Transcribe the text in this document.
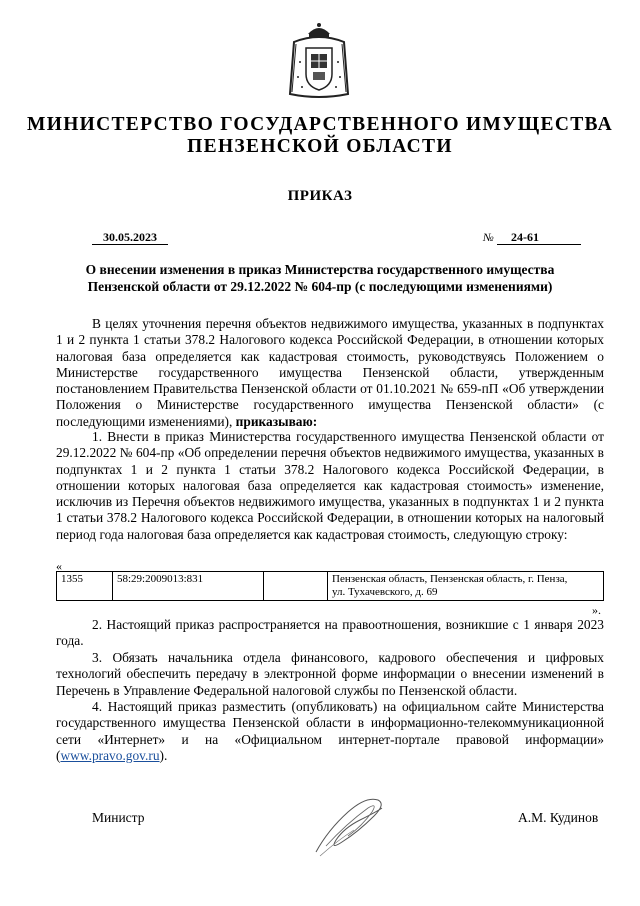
МИНИСТЕРСТВО ГОСУДАРСТВЕННОГО ИМУЩЕСТВА
ПЕНЗЕНСКОЙ ОБЛАСТИ
ПРИКАЗ
30.05.2023	№	24-61
О внесении изменения в приказ Министерства государственного имущества
Пензенской области от 29.12.2022 № 604-пр (с последующими изменениями)

В целях уточнения перечня объектов недвижимого имущества, указанных в подпунктах 1 и 2 пункта 1 статьи 378.2 Налогового кодекса Российской Федерации, в отношении которых налоговая база определяется как кадастровая стоимость, руководствуясь Положением о Министерстве государственного имущества Пензенской области, утвержденным постановлением Правительства Пензенской области от 01.10.2021 № 659-пП «Об утверждении Положения о Министерстве государственного имущества Пензенской области» (с последующими изменениями), приказываю:

1. Внести в приказ Министерства государственного имущества Пензенской области от 29.12.2022 № 604-пр «Об определении перечня объектов недвижимого имущества, указанных в подпунктах 1 и 2 пункта 1 статьи 378.2 Налогового кодекса Российской Федерации, в отношении которых налоговая база определяется как кадастровая стоимость» изменение, исключив из Перечня объектов недвижимого имущества, указанных в подпунктах 1 и 2 пункта 1 статьи 378.2 Налогового кодекса Российской Федерации, в отношении которых на налоговый период года налоговая база определяется как кадастровая стоимость, следующую строку:

«
1355	58:29:2009013:831		Пензенская область, Пензенская область, г. Пенза,
ул. Тухачевского, д. 69
».

2. Настоящий приказ распространяется на правоотношения, возникшие с 1 января 2023 года.

3. Обязать начальника отдела финансового, кадрового обеспечения и цифровых технологий обеспечить передачу в электронной форме информации о внесении изменений в Перечень в Управление Федеральной налоговой службы по Пензенской области.

4. Настоящий приказ разместить (опубликовать) на официальном сайте Министерства государственного имущества Пензенской области в информационно-телекоммуникационной сети «Интернет» и на «Официальном интернет-портале правовой информации» (www.pravo.gov.ru).

Министр	А.М. Кудинов
